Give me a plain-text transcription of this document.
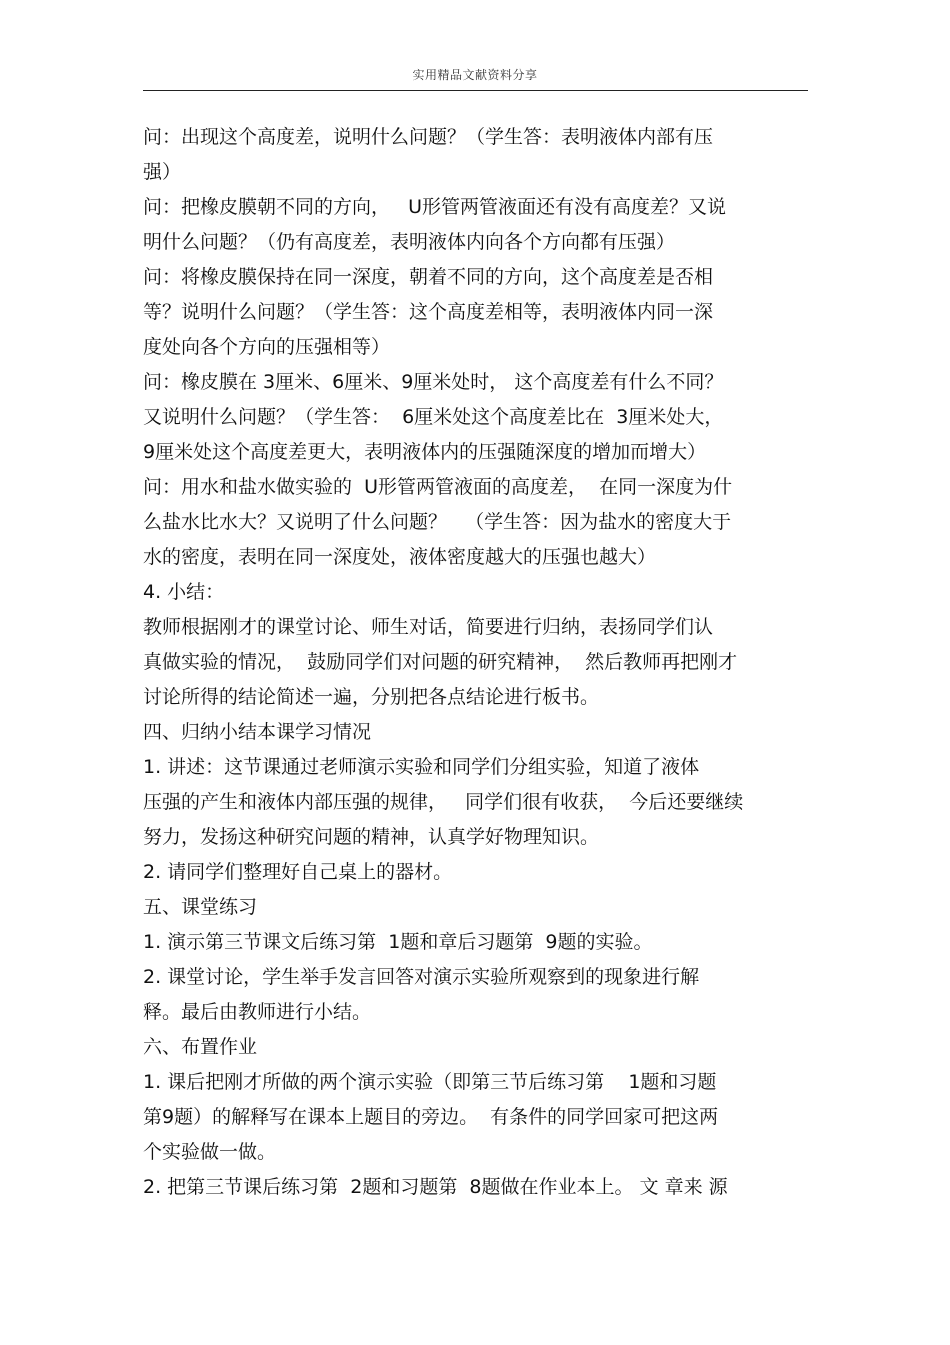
实用精品文献资料分享
问：出现这个高度差，说明什么问题？（学生答：表明液体内部有压
强）
问：把橡皮膜朝不同的方向，   U形管两管液面还有没有高度差？又说
明什么问题？（仍有高度差，表明液体内向各个方向都有压强）
问：将橡皮膜保持在同一深度，朝着不同的方向，这个高度差是否相
等？说明什么问题？（学生答：这个高度差相等，表明液体内同一深
度处向各个方向的压强相等）
问：橡皮膜在 3厘米、6厘米、9厘米处时， 这个高度差有什么不同？
又说明什么问题？（学生答：  6厘米处这个高度差比在  3厘米处大，
9厘米处这个高度差更大，表明液体内的压强随深度的增加而增大）
问：用水和盐水做实验的  U形管两管液面的高度差，  在同一深度为什
么盐水比水大？又说明了什么问题？   （学生答：因为盐水的密度大于
水的密度，表明在同一深度处，液体密度越大的压强也越大）
4. 小结：
教师根据刚才的课堂讨论、师生对话，简要进行归纳，表扬同学们认
真做实验的情况，  鼓励同学们对问题的研究精神，  然后教师再把刚才
讨论所得的结论简述一遍，分别把各点结论进行板书。
四、归纳小结本课学习情况
1. 讲述：这节课通过老师演示实验和同学们分组实验，知道了液体
压强的产生和液体内部压强的规律，   同学们很有收获，  今后还要继续
努力，发扬这种研究问题的精神，认真学好物理知识。
2. 请同学们整理好自己桌上的器材。
五、课堂练习
1. 演示第三节课文后练习第  1题和章后习题第  9题的实验。
2. 课堂讨论，学生举手发言回答对演示实验所观察到的现象进行解
释。最后由教师进行小结。
六、布置作业
1. 课后把刚才所做的两个演示实验（即第三节后练习第    1题和习题
第9题）的解释写在课本上题目的旁边。  有条件的同学回家可把这两
个实验做一做。
2. 把第三节课后练习第  2题和习题第  8题做在作业本上。 文 章来 源
